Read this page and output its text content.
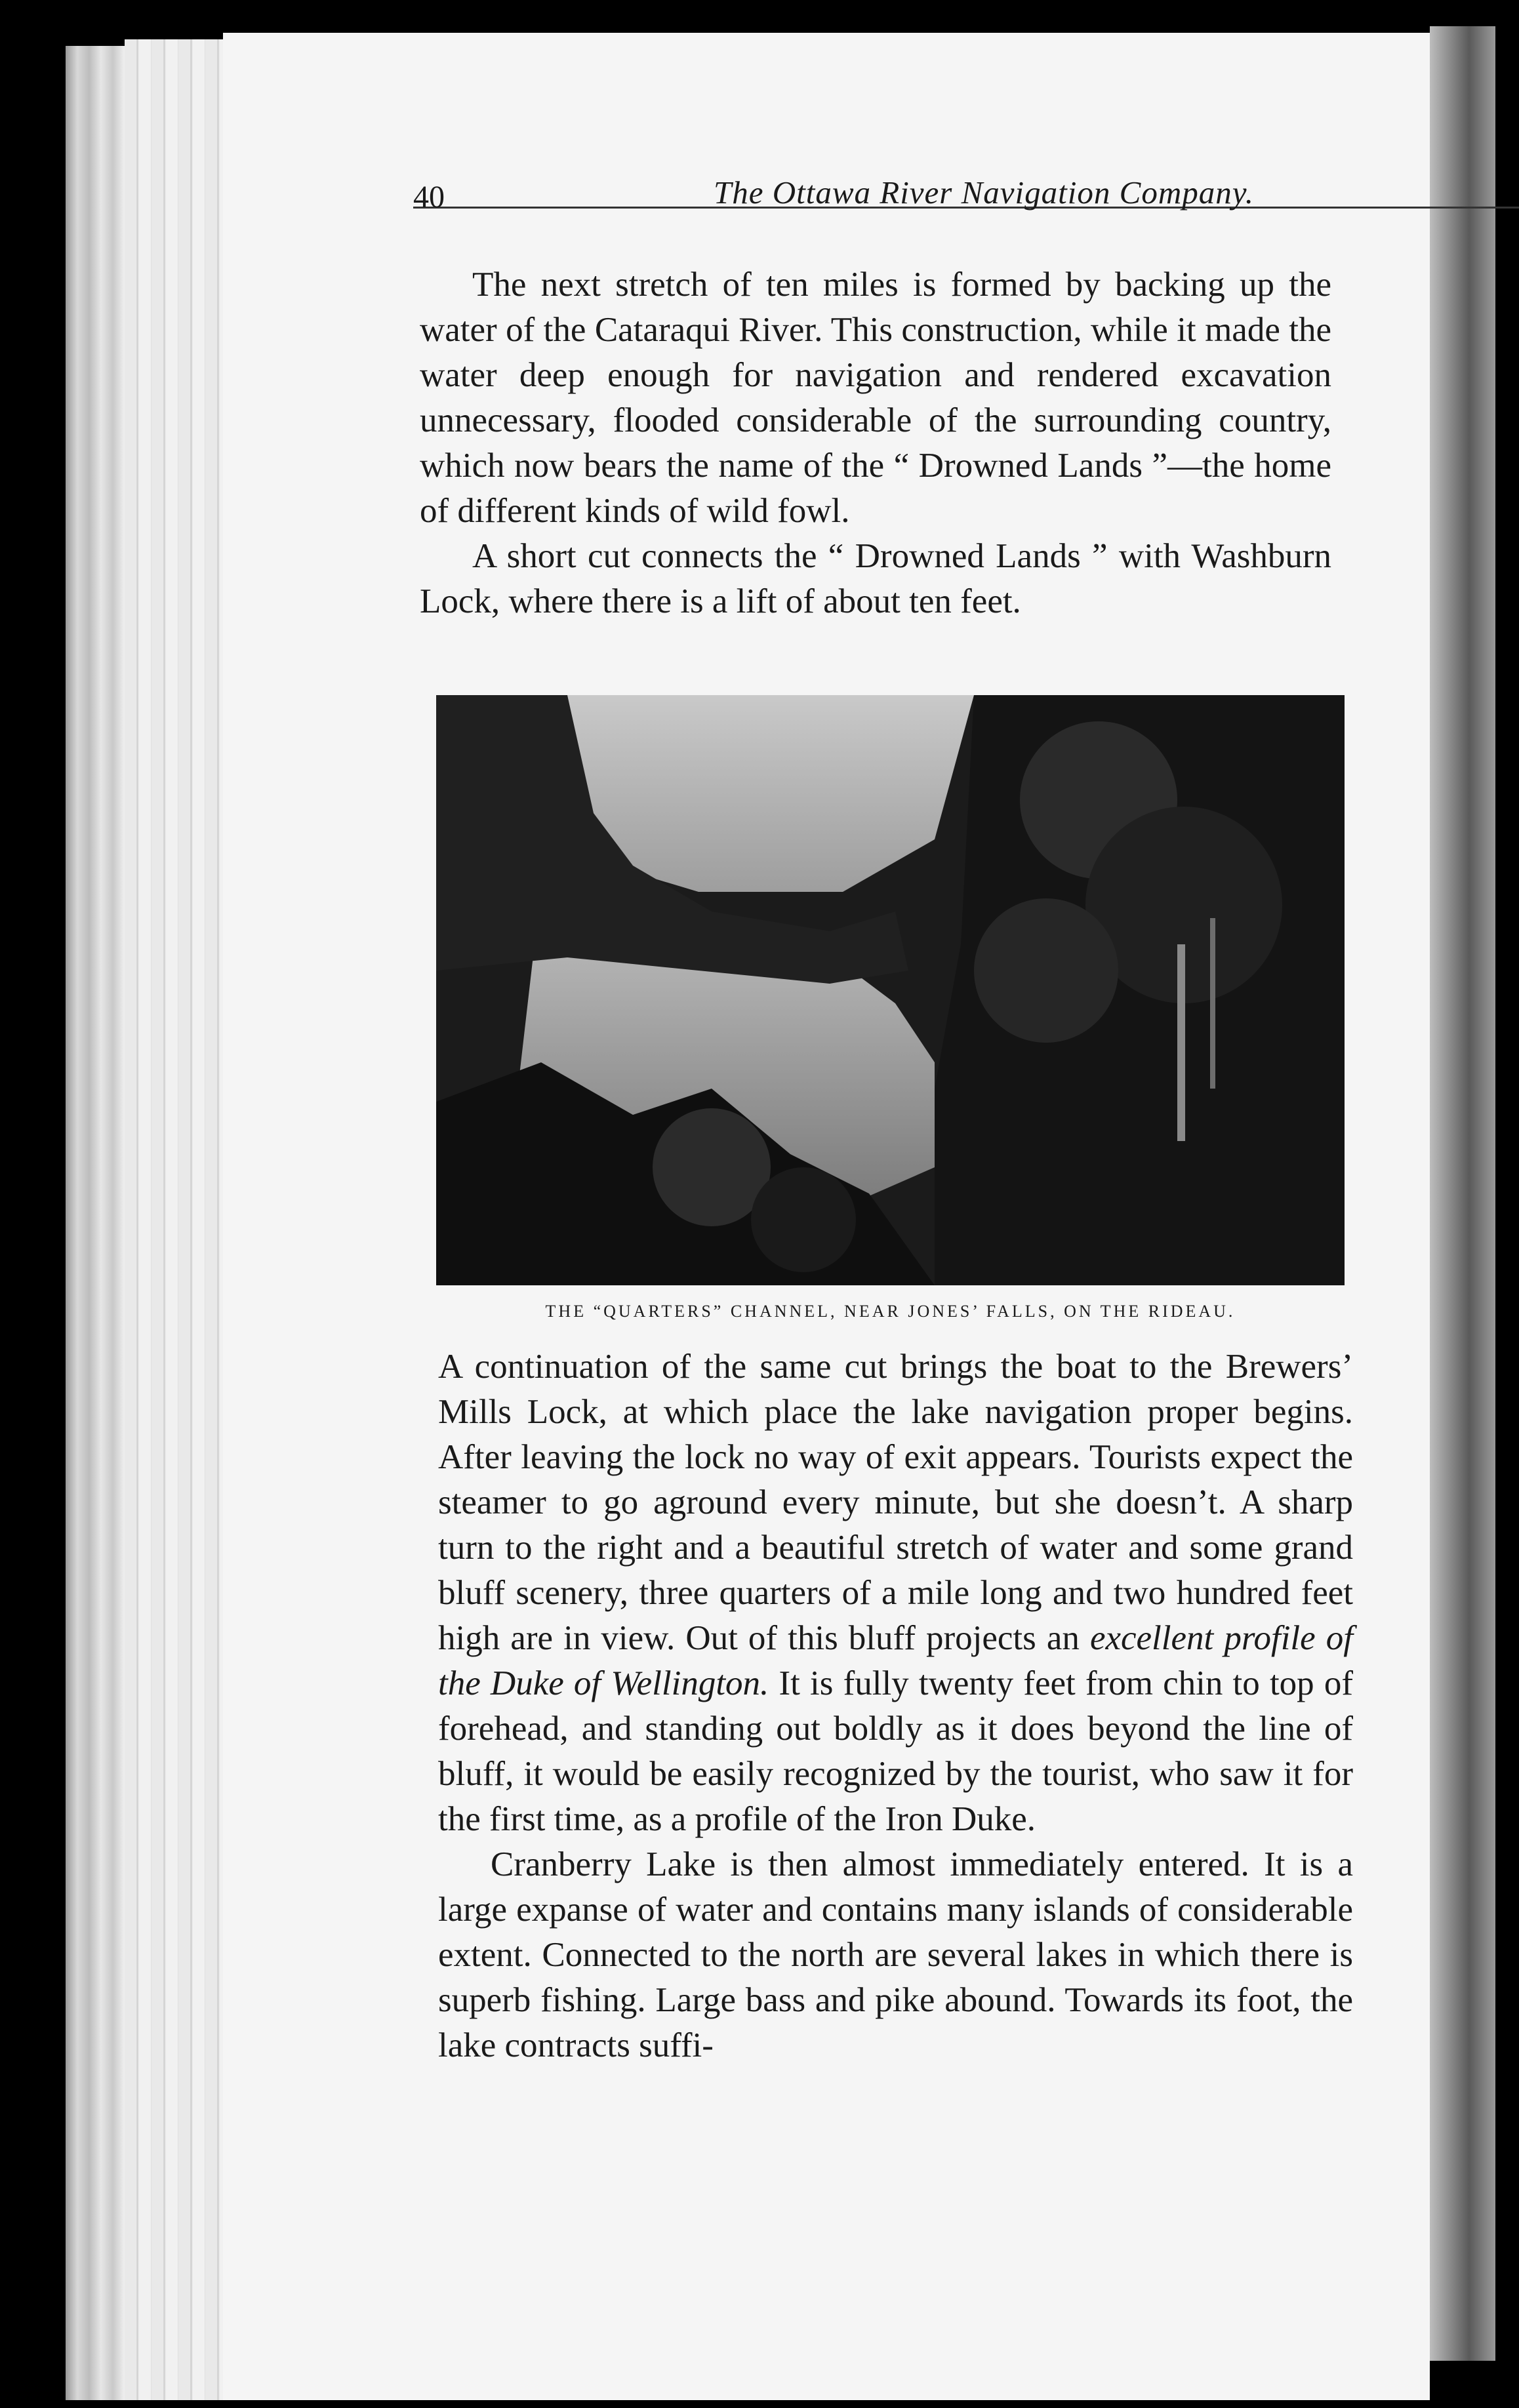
40	The Ottawa River Navigation Company.

The next stretch of ten miles is formed by backing up the water of the Cataraqui River. This construction, while it made the water deep enough for navigation and rendered excavation unnecessary, flooded considerable of the surrounding country, which now bears the name of the “ Drowned Lands ”—the home of different kinds of wild fowl.

A short cut connects the “ Drowned Lands ” with Washburn Lock, where there is a lift of about ten feet.

THE “QUARTERS” CHANNEL, NEAR JONES’ FALLS, ON THE RIDEAU.

A continuation of the same cut brings the boat to the Brewers’ Mills Lock, at which place the lake navigation proper begins. After leaving the lock no way of exit appears. Tourists expect the steamer to go aground every minute, but she doesn’t. A sharp turn to the right and a beautiful stretch of water and some grand bluff scenery, three quarters of a mile long and two hundred feet high are in view. Out of this bluff projects an excellent profile of the Duke of Wellington. It is fully twenty feet from chin to top of forehead, and standing out boldly as it does beyond the line of bluff, it would be easily recognized by the tourist, who saw it for the first time, as a profile of the Iron Duke.

Cranberry Lake is then almost immediately entered. It is a large expanse of water and contains many islands of considerable extent. Connected to the north are several lakes in which there is superb fishing. Large bass and pike abound. Towards its foot, the lake contracts suffi-
